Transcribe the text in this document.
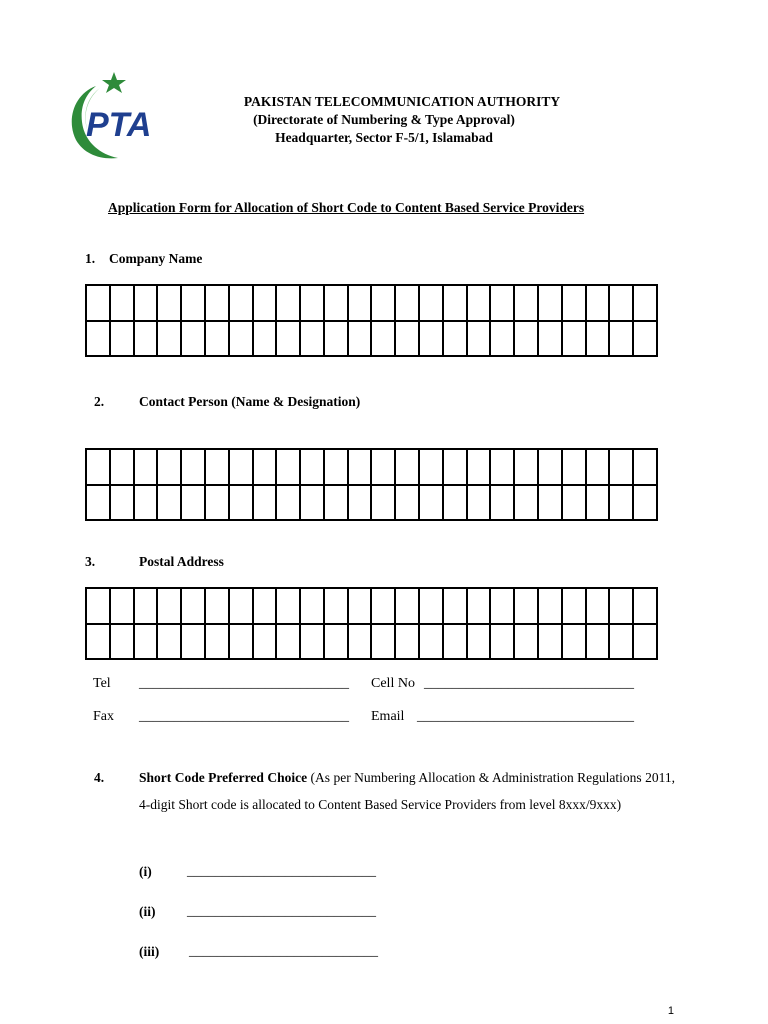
PTA
PAKISTAN TELECOMMUNICATION AUTHORITY
(Directorate of Numbering & Type Approval)
Headquarter, Sector F-5/1, Islamabad
Application Form for Allocation of Short Code to Content Based Service Providers
1. Company Name
2.	Contact Person (Name & Designation)
3.	Postal Address
Tel ______________________________ Cell No ______________________________
Fax ______________________________ Email _______________________________
4.	Short Code Preferred Choice (As per Numbering Allocation & Administration Regulations 2011, 4-digit Short code is allocated to Content Based Service Providers from level 8xxx/9xxx)
(i)	___________________________
(ii) ___________________________
(iii) ___________________________
1
